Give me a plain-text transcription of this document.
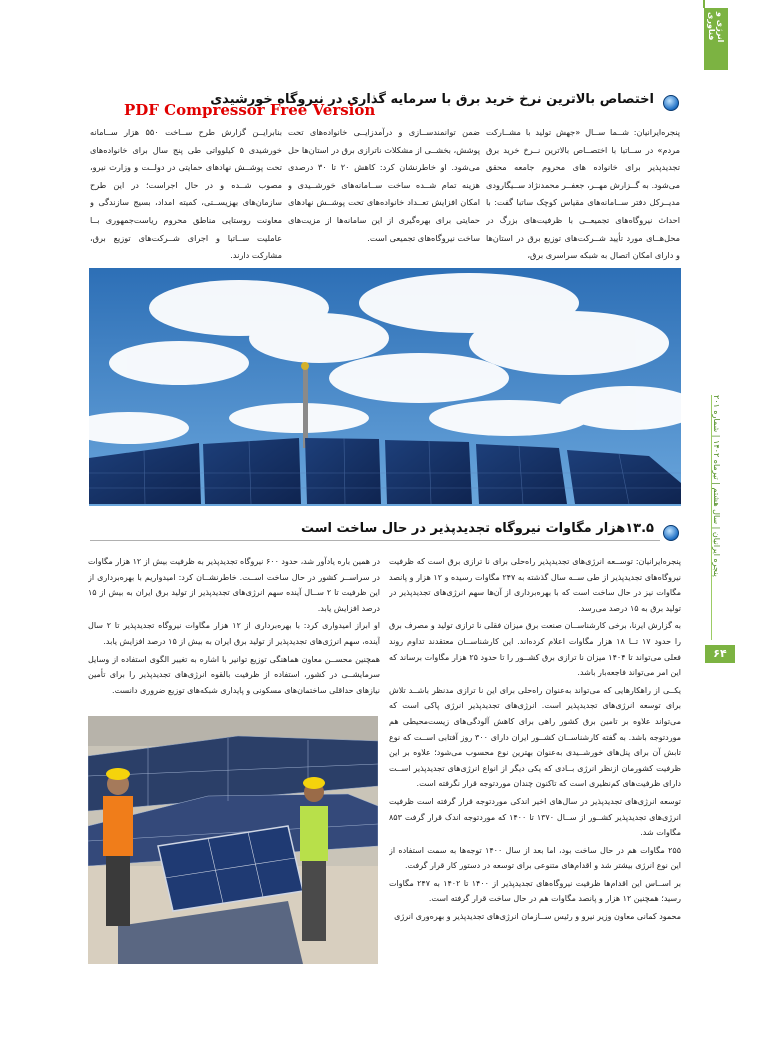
انرژی و فناوری
اختصاص بالاترین نرخ خرید برق با سرمایه گذاری در نیروگاه خورشیدی
PDF Compressor Free Version

پنجره‌ایرانیان: شــما ســال «جهش تولید با مشــارکت مردم» در ســاتبا با اختصــاص بالاترین نــرخ خرید برق تجدیدپذیر برای خانواده های محروم جامعه محقق می‌شود. به گــزارش مهــر، جعفــر محمدنژاد ســیگارودی مدیــرکل دفتر ســامانه‌های مقیاس کوچک ساتبا گفت: با احداث نیروگاه‌های تجمیعــی با ظرفیت‌های بزرگ در محل‌هــای مورد تأیید شــرکت‌های توزیع برق در استان‌ها و دارای امکان اتصال به شبکه سراسری برق،

ضمن توانمندســازی و درآمدزایــی خانواده‌های تحت پوشش، بخشــی از مشکلات ناترازی برق در استان‌ها حل می‌شود. او خاطرنشان کرد: کاهش ۲۰ تا ۳۰ درصدی هزینه تمام شــده ساخت ســامانه‌های خورشــیدی و امکان افزایش تعــداد خانواده‌های تحت پوشــش نهادهای حمایتی برای بهره‌گیری از این سامانه‌ها از مزیت‌های ساخت نیروگاه‌های تجمیعی است.

بنابرایــن گزارش طرح ســاخت ۵۵۰ هزار ســامانه خورشیدی ۵ کیلوواتی طی پنج سال برای خانواده‌های تحت پوشــش نهادهای حمایتی در دولــت و وزارت نیرو، مصوب شــده و در حال اجراست؛ در این طرح سازمان‌های بهزیســتی، کمیته امداد، بسیج سازندگی و معاونت روستایی مناطق محروم ریاست‌جمهوری بــا عاملیت ســاتبا و اجرای شــرکت‌های توزیع برق، مشارکت دارند.

۱۳.۵هزار مگاوات نیروگاه تجدیدپذیر در حال ساخت است

پنجره‌ایرانیان: توســعه انرژی‌های تجدیدپذیر راه‌حلی برای نا ترازی برق است که ظرفیت نیروگاه‌های تجدیدپذیر از طی ســه سال گذشته به ۲۴۷ مگاوات رسیده و ۱۲ هزار و پانصد مگاوات نیز در حال ساخت است که با بهره‌برداری از آن‌ها سهم انرژی‌های تجدیدپذیر در تولید برق به ۱۵ درصد می‌رسد.

به گزارش ایرنا، برخی کارشناســان صنعت برق میزان فقلی نا ترازی تولید و مصرف برق را حدود ۱۷ تــا ۱۸ هزار مگاوات اعلام کرده‌اند. این کارشناســان معتقدند تداوم روند فعلی می‌تواند تا ۱۴۰۴ میزان نا ترازی برق کشــور را تا حدود ۲۵ هزار مگاوات برساند که این امر می‌تواند فاجعه‌بار باشد.

یکــی از راهکارهایی که می‌تواند به‌عنوان راه‌حلی برای این نا ترازی مدنظر باشــد تلاش برای توسعه انرژی‌های تجدیدپذیر است. انرژی‌های تجدیدپذیر انرژی پاکی است که می‌تواند علاوه بر تامین برق کشور راهی برای کاهش آلودگی‌های زیست‌محیطی هم موردتوجه باشد. به گفته کارشناســان کشــور ایران دارای ۳۰۰ روز آفتابی اســت که نوع تابش آن برای پنل‌های خورشــیدی به‌عنوان بهترین نوع محسوب می‌شود؛ علاوه بر این ظرفیت کشورمان ازنظر انرژی بــادی که یکی دیگر از انواع انرژی‌های تجدیدپذیر اســت دارای ظرفیت‌های کم‌نظیری است که تاکنون چندان موردتوجه قرار نگرفته است.

توسعه انرژی‌های تجدیدپذیر در سال‌های اخیر اندکی موردتوجه قرار گرفته است ظرفیت انرژی‌های تجدیدپذیر کشــور از ســال ۱۳۷۰ تا ۱۴۰۰ که موردتوجه اندک قرار گرفت ۸۵۳ مگاوات شد.

۲۵۵ مگاوات هم در حال ساخت بود، اما بعد از سال ۱۴۰۰ توجه‌ها به سمت استفاده از این نوع انرژی بیشتر شد و اقدام‌های متنوعی برای توسعه در دستور کار قرار گرفت.

بر اســاس این اقدام‌ها ظرفیت نیروگاه‌های تجدیدپذیر از ۱۴۰۰ تا ۱۴۰۲ به ۲۴۷ مگاوات رسید؛ همچنین ۱۲ هزار و پانصد مگاوات هم در حال ساخت قرار گرفته است.

محمود کمانی معاون وزیر نیرو و رئیس ســازمان انرژی‌های تجدیدپذیر و بهره‌وری انرژی

در همین باره یادآور شد، حدود ۶۰۰ نیروگاه تجدیدپذیر به ظرفیت بیش از ۱۲ هزار مگاوات در سراســر کشور در حال ساخت اســت. خاطرنشــان کرد: امیدواریم با بهره‌برداری از این ظرفیت تا ۲ ســال آینده سهم انرژی‌های تجدیدپذیر از تولید برق ایران به بیش از ۱۵ درصد افزایش یابد.

او ابراز امیدواری کرد: با بهره‌برداری از ۱۲ هزار مگاوات نیروگاه تجدیدپذیر تا ۲ سال آینده، سهم انرژی‌های تجدیدپذیر از تولید برق ایران به بیش از ۱۵ درصد افزایش یابد.

همچنین محســن معاون هماهنگی توزیع توانیر با اشاره به تغییر الگوی استفاده از وسایل سرمایشــی در کشور، استفاده از ظرفیت بالقوه انرژی‌های تجدیدپذیر را برای تأمین نیازهای حداقلی ساختمان‌های مسکونی و پایداری شبکه‌های توزیع ضروری دانست.

پنجره ایرانیان | سال هشتم | تیرماه ۱۴۰۲ | شماره ۲۰۱
۶۴
